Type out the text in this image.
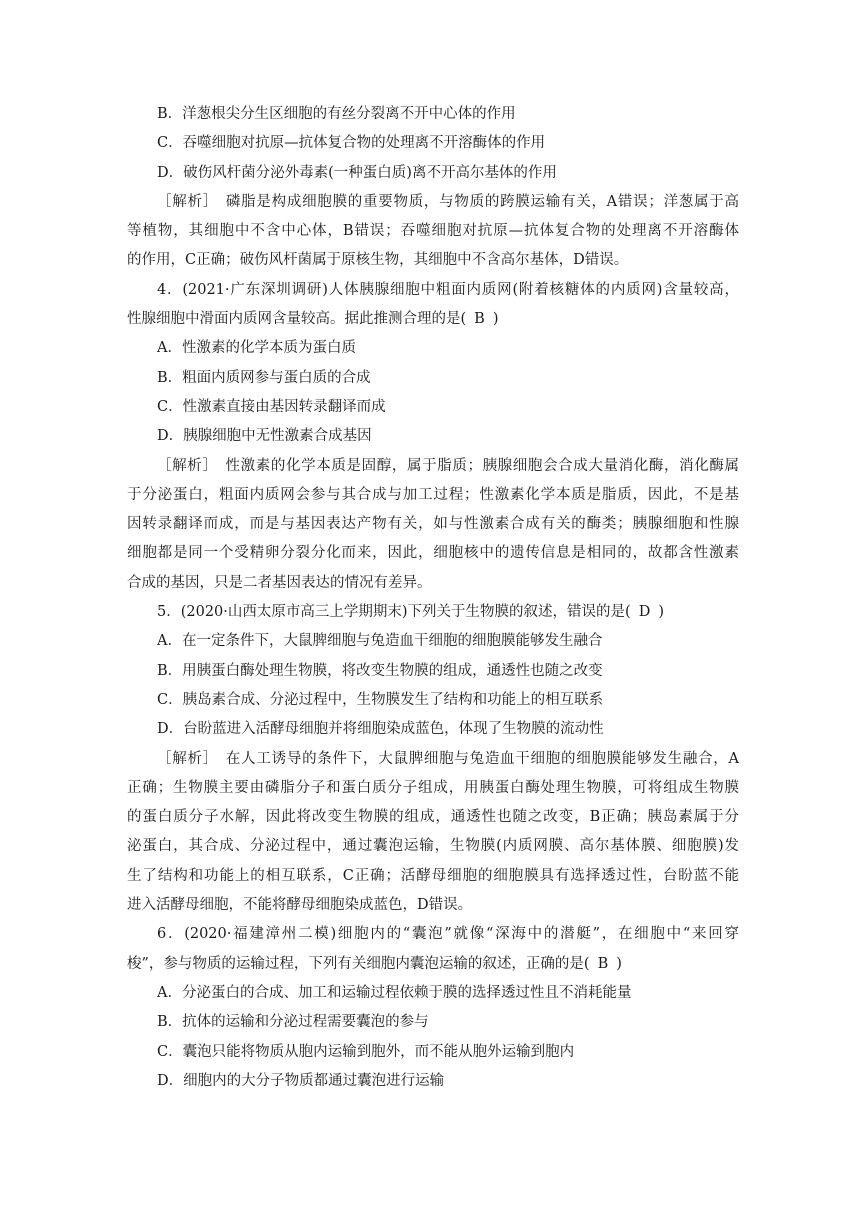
B．洋葱根尖分生区细胞的有丝分裂离不开中心体的作用
C．吞噬细胞对抗原—抗体复合物的处理离不开溶酶体的作用
D．破伤风杆菌分泌外毒素(一种蛋白质)离不开高尔基体的作用
［解析］ 磷脂是构成细胞膜的重要物质，与物质的跨膜运输有关，A错误；洋葱属于高
等植物，其细胞中不含中心体，B错误；吞噬细胞对抗原—抗体复合物的处理离不开溶酶体
的作用，C正确；破伤风杆菌属于原核生物，其细胞中不含高尔基体，D错误。
4．(2021·广东深圳调研)人体胰腺细胞中粗面内质网(附着核糖体的内质网)含量较高，
性腺细胞中滑面内质网含量较高。据此推测合理的是( B )
A．性激素的化学本质为蛋白质
B．粗面内质网参与蛋白质的合成
C．性激素直接由基因转录翻译而成
D．胰腺细胞中无性激素合成基因
［解析］ 性激素的化学本质是固醇，属于脂质；胰腺细胞会合成大量消化酶，消化酶属
于分泌蛋白，粗面内质网会参与其合成与加工过程；性激素化学本质是脂质，因此，不是基
因转录翻译而成，而是与基因表达产物有关，如与性激素合成有关的酶类；胰腺细胞和性腺
细胞都是同一个受精卵分裂分化而来，因此，细胞核中的遗传信息是相同的，故都含性激素
合成的基因，只是二者基因表达的情况有差异。
5．(2020·山西太原市高三上学期期末)下列关于生物膜的叙述，错误的是( D )
A．在一定条件下，大鼠脾细胞与兔造血干细胞的细胞膜能够发生融合
B．用胰蛋白酶处理生物膜，将改变生物膜的组成，通透性也随之改变
C．胰岛素合成、分泌过程中，生物膜发生了结构和功能上的相互联系
D．台盼蓝进入活酵母细胞并将细胞染成蓝色，体现了生物膜的流动性
［解析］ 在人工诱导的条件下，大鼠脾细胞与兔造血干细胞的细胞膜能够发生融合，A
正确；生物膜主要由磷脂分子和蛋白质分子组成，用胰蛋白酶处理生物膜，可将组成生物膜
的蛋白质分子水解，因此将改变生物膜的组成，通透性也随之改变，B正确；胰岛素属于分
泌蛋白，其合成、分泌过程中，通过囊泡运输，生物膜(内质网膜、高尔基体膜、细胞膜)发
生了结构和功能上的相互联系，C正确；活酵母细胞的细胞膜具有选择透过性，台盼蓝不能
进入活酵母细胞，不能将酵母细胞染成蓝色，D错误。
6．(2020·福建漳州二模)细胞内的“囊泡”就像“深海中的潜艇”，在细胞中“来回穿
梭”，参与物质的运输过程，下列有关细胞内囊泡运输的叙述，正确的是( B )
A．分泌蛋白的合成、加工和运输过程依赖于膜的选择透过性且不消耗能量
B．抗体的运输和分泌过程需要囊泡的参与
C．囊泡只能将物质从胞内运输到胞外，而不能从胞外运输到胞内
D．细胞内的大分子物质都通过囊泡进行运输
